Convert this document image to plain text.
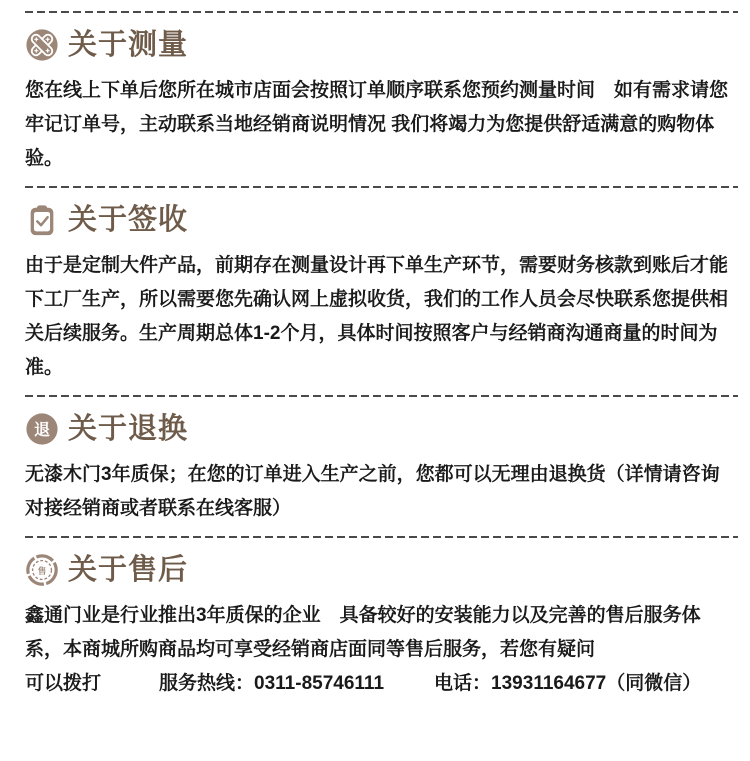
关于测量
您在线上下单后您所在城市店面会按照订单顺序联系您预约测量时间　如有需求请您牢记订单号，主动联系当地经销商说明情况 我们将竭力为您提供舒适满意的购物体验。
关于签收
由于是定制大件产品，前期存在测量设计再下单生产环节，需要财务核款到账后才能下工厂生产，所以需要您先确认网上虚拟收货，我们的工作人员会尽快联系您提供相关后续服务。生产周期总体1-2个月，具体时间按照客户与经销商沟通商量的时间为准。
退 关于退换
无漆木门3年质保；在您的订单进入生产之前，您都可以无理由退换货（详情请咨询对接经销商或者联系在线客服）
售 关于售后
鑫通门业是行业推出3年质保的企业　具备较好的安装能力以及完善的售后服务体系，本商城所购商品均可享受经销商店面同等售后服务，若您有疑问
可以拨打	服务热线：0311-85746111	电话：13931164677（同微信）
